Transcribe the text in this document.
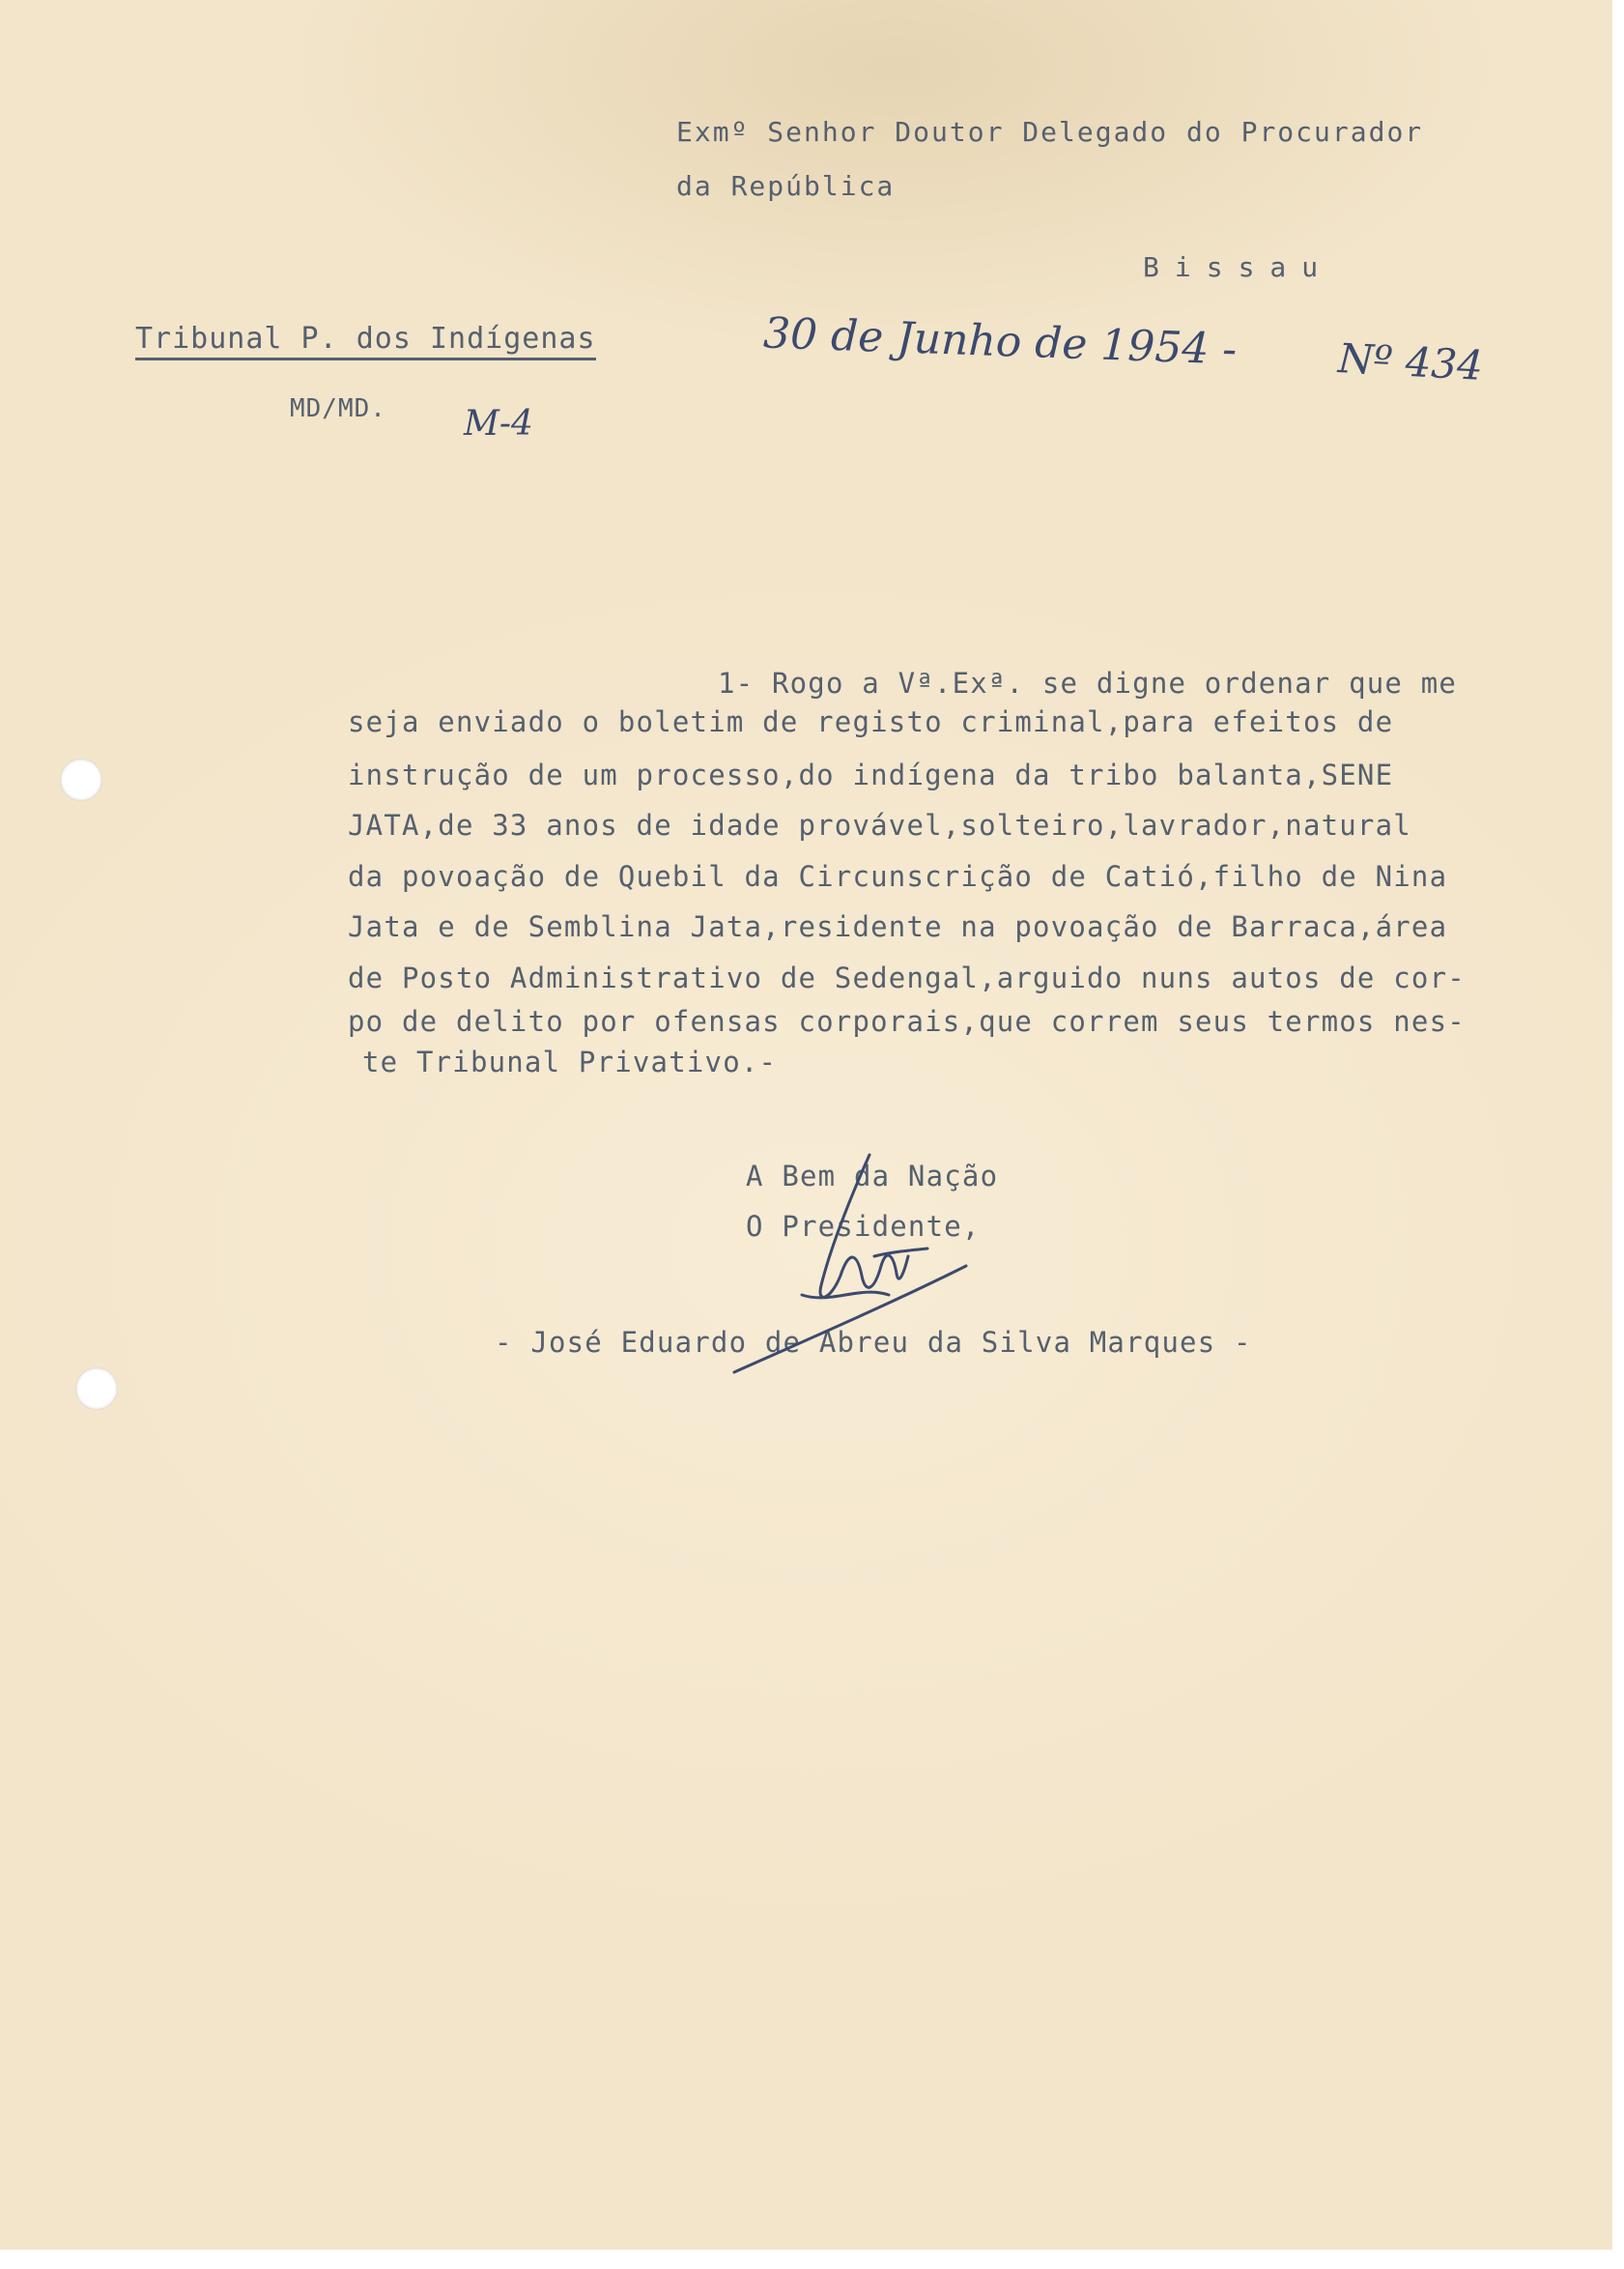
Exmº Senhor Doutor Delegado do Procurador
da República
Bissau
Tribunal P. dos Indígenas
MD/MD.
30 de Junho de 1954 - Nº 434
M-4
1- Rogo a Vª.Exª. se digne ordenar que me
seja enviado o boletim de registo criminal,para efeitos de
instrução de um processo,do indígena da tribo balanta,SENE
JATA,de 33 anos de idade provável,solteiro,lavrador,natural
da povoação de Quebil da Circunscrição de Catió,filho de Nina
Jata e de Semblina Jata,residente na povoação de Barraca,área
de Posto Administrativo de Sedengal,arguido nuns autos de cor-
po de delito por ofensas corporais,que correm seus termos nes-
te Tribunal Privativo.-
A Bem da Nação
O Presidente,
- José Eduardo de Abreu da Silva Marques -
